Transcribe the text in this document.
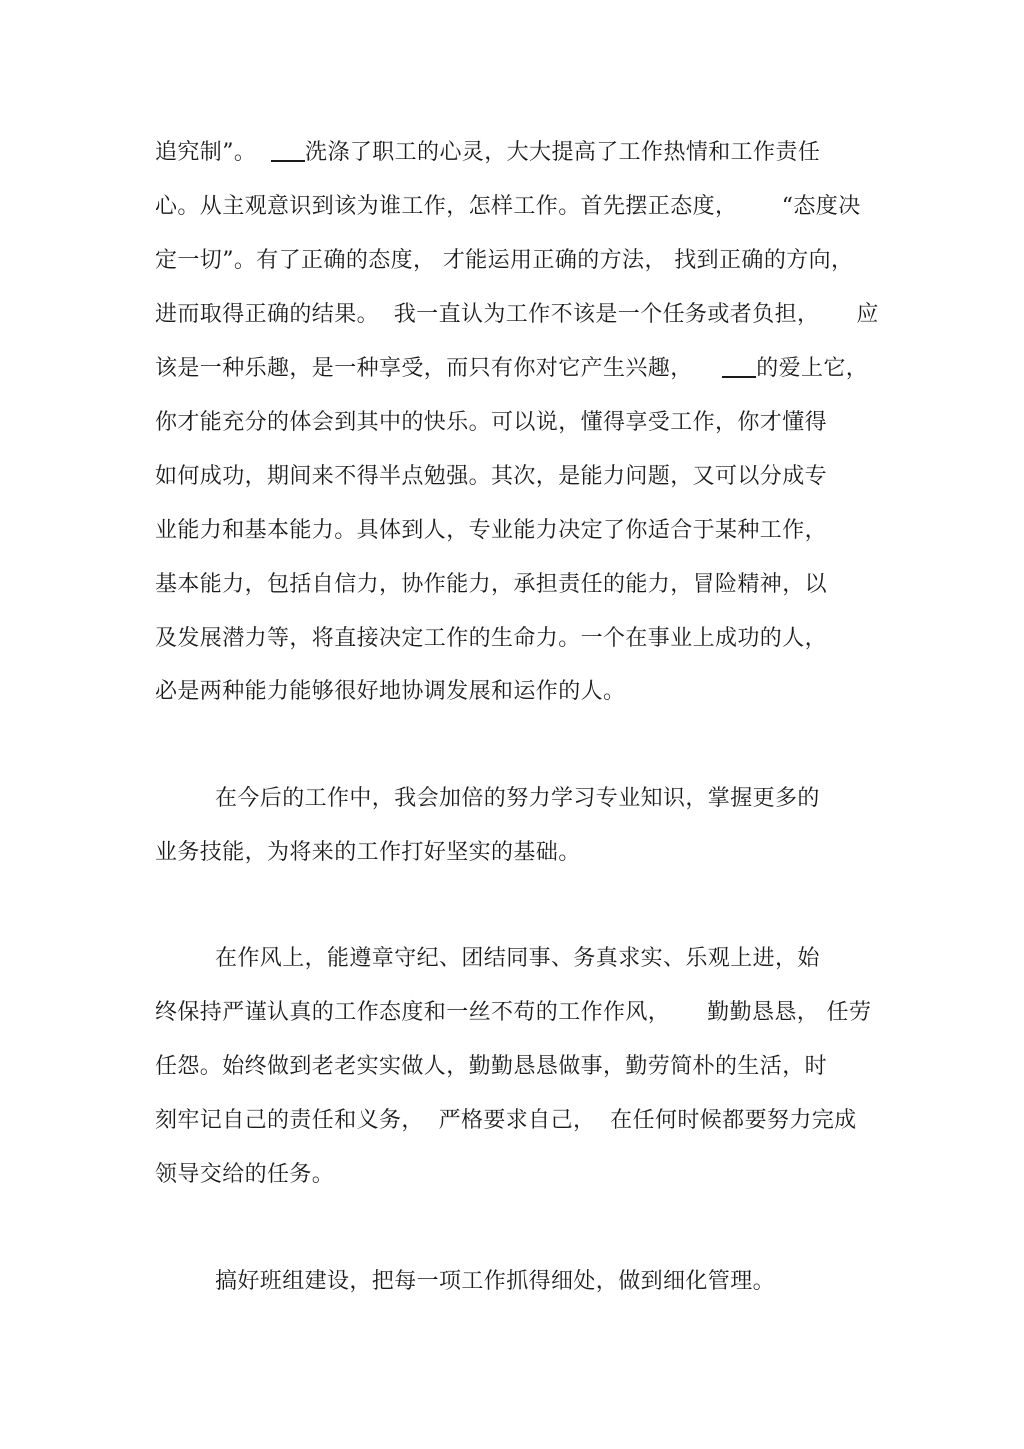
追究制”。  洗涤了职工的心灵，大大提高了工作热情和工作责任
心。从主观意识到该为谁工作，怎样工作。首先摆正态度，      “态度决
定一切”。有了正确的态度， 才能运用正确的方法， 找到正确的方向，
进而取得正确的结果。  我一直认为工作不该是一个任务或者负担，     应
该是一种乐趣，是一种享受，而只有你对它产生兴趣，    的爱上它，
你才能充分的体会到其中的快乐。可以说，懂得享受工作，你才懂得
如何成功，期间来不得半点勉强。其次，是能力问题，又可以分成专
业能力和基本能力。具体到人，专业能力决定了你适合于某种工作，
基本能力，包括自信力，协作能力，承担责任的能力，冒险精神，以
及发展潜力等，将直接决定工作的生命力。一个在事业上成功的人，
必是两种能力能够很好地协调发展和运作的人。
在今后的工作中，我会加倍的努力学习专业知识，掌握更多的
业务技能，为将来的工作打好坚实的基础。
在作风上，能遵章守纪、团结同事、务真求实、乐观上进，始
终保持严谨认真的工作态度和一丝不苟的工作作风，     勤勤恳恳， 任劳
任怨。始终做到老老实实做人，勤勤恳恳做事，勤劳简朴的生活，时
刻牢记自己的责任和义务，  严格要求自己，  在任何时候都要努力完成
领导交给的任务。
搞好班组建设，把每一项工作抓得细处，做到细化管理。
